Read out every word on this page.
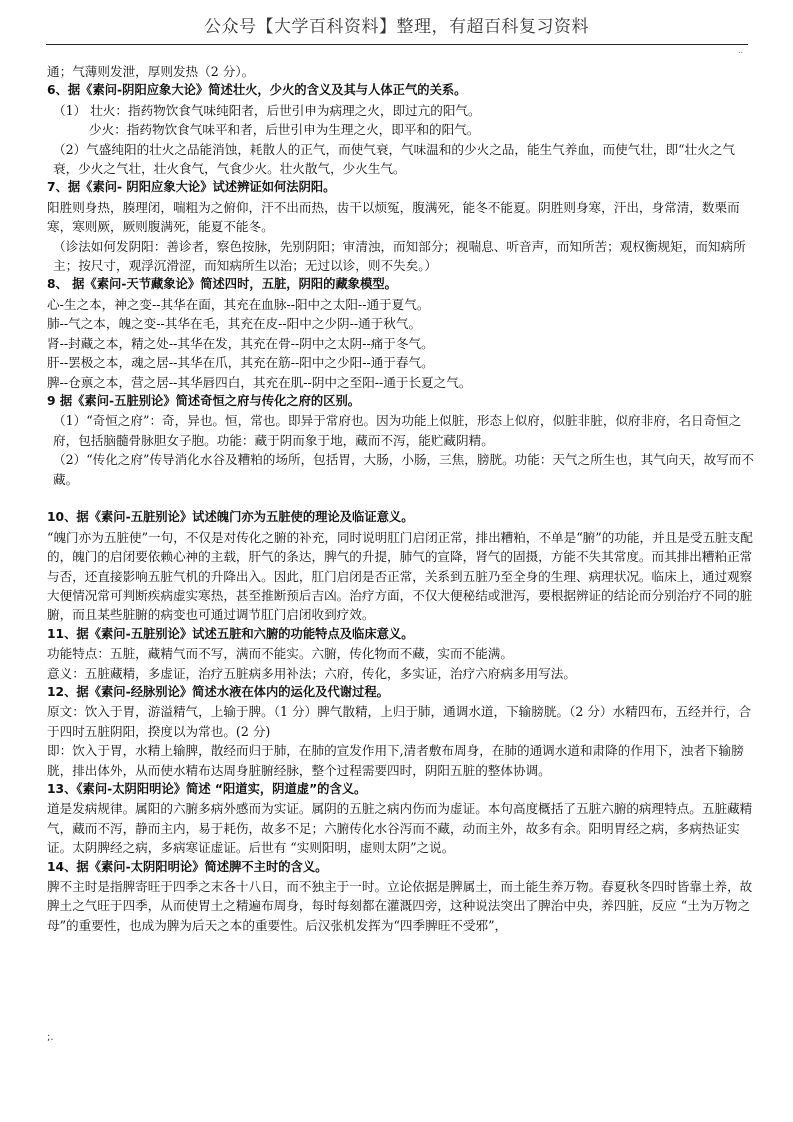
公众号【大学百科资料】整理，有超百科复习资料
..

通；气薄则发泄，厚则发热（2 分）。

6、据《素问-阴阳应象大论》简述壮火，少火的含义及其与人体正气的关系。

（1） 壮火：指药物饮食气味纯阳者，后世引申为病理之火，即过亢的阳气。

少火：指药物饮食气味平和者，后世引申为生理之火，即平和的阳气。

（2）气盛纯阳的壮火之品能消蚀，耗散人的正气，而使气衰，气味温和的少火之品，能生气养血，而使气壮，即“壮火之气衰，少火之气壮，壮火食气，气食少火。壮火散气，少火生气。

7、据《素问- 阴阳应象大论》试述辨证如何法阴阳。

阳胜则身热，腠理闭，喘粗为之俯仰，汗不出而热，齿干以烦冤，腹满死，能冬不能夏。阴胜则身寒，汗出，身常清，数栗而寒，寒则厥，厥则腹满死，能夏不能冬。

（诊法如何发阴阳：善诊者，察色按脉，先别阴阳；审清浊，而知部分；视喘息、听音声，而知所苦；观权衡规矩，而知病所主；按尺寸，观浮沉滑涩，而知病所生以治；无过以诊，则不失矣。）

8、 据《素问-天节藏象论》简述四时，五脏，阴阳的藏象模型。

心-生之本，神之变--其华在面，其充在血脉--阳中之太阳--通于夏气。

肺--气之本，魄之变--其华在毛，其充在皮--阳中之少阴--通于秋气。

肾--封藏之本，精之处--其华在发，其充在骨--阴中之太阴--痛于冬气。

肝--罢极之本，魂之居--其华在爪，其充在筋--阳中之少阳--通于春气。

脾--仓禀之本，营之居--其华唇四白，其充在肌--阴中之至阳--通于长夏之气。

9 据《素问-五脏别论》简述奇恒之府与传化之府的区别。

（1）“奇恒之府”：奇，异也。恒，常也。即异于常府也。因为功能上似脏，形态上似府，似脏非脏，似府非府，名日奇恒之府，包括脑髓骨脉胆女子胞。功能：藏于阴而象于地，藏而不泻，能贮藏阴精。

（2）“传化之府”传导消化水谷及糟粕的场所，包括胃，大肠，小肠，三焦，膀胱。功能：天气之所生也，其气向天，故写而不藏。

10、据《素问-五脏别论》试述魄门亦为五脏使的理论及临证意义。

“魄门亦为五脏使”一句，不仅是对传化之腑的补充，同时说明肛门启闭正常，排出糟粕，不单是“腑”的功能，并且是受五脏支配的，魄门的启闭要依赖心神的主载，肝气的条达，脾气的升提，肺气的宣降，肾气的固摄，方能不失其常度。而其排出糟粕正常与否，还直接影响五脏气机的升降出入。因此，肛门启闭是否正常，关系到五脏乃至全身的生理、病理状况。临床上，通过观察大便情况常可判断疾病虚实寒热，甚至推断预后吉凶。治疗方面，不仅大便秘结或泄泻，要根据辨证的结论而分别治疗不同的脏腑，而且某些脏腑的病变也可通过调节肛门启闭收到疗效。

11、据《素问-五脏别论》试述五脏和六腑的功能特点及临床意义。

功能特点：五脏，藏精气而不写，满而不能实。六腑，传化物而不藏，实而不能满。

意义：五脏藏精，多虚证，治疗五脏病多用补法；六府，传化，多实证，治疗六府病多用写法。

12、据《素问-经脉别论》简述水液在体内的运化及代谢过程。

原文：饮入于胃，游溢精气，上输于脾。（1 分）脾气散精，上归于肺，通调水道，下输膀胱。（2 分）水精四布，五经并行，合于四时五脏阴阳，揆度以为常也。(2 分)

即：饮入于胃，水精上输脾，散经而归于肺，在肺的宣发作用下,清者敷布周身，在肺的通调水道和肃降的作用下，浊者下输膀胱，排出体外，从而使水精布达周身脏腑经脉，整个过程需要四时，阴阳五脏的整体协调。

13、《素问-太阴阳明论》简述 “阳道实，阴道虚”的含义。

道是发病规律。属阳的六腑多病外感而为实证。属阴的五脏之病内伤而为虚证。本句高度概括了五脏六腑的病理特点。五脏藏精气，藏而不泻，静而主内，易于耗伤，故多不足；六腑传化水谷泻而不藏，动而主外，故多有余。阳明胃经之病，多病热证实证。太阴脾经之病，多病寒证虚证。后世有 “实则阳明，虚则太阴”之说。

14、据《素问-太阴阳明论》简述脾不主时的含义。

脾不主时是指脾寄旺于四季之末各十八日，而不独主于一时。立论依据是脾属土，而土能生养万物。春夏秋冬四时皆靠土养，故脾土之气旺于四季，从而使胃土之精遍布周身，每时每刻都在灌溉四旁，这种说法突出了脾治中央，养四脏，反应 “土为万物之母”的重要性，也成为脾为后天之本的重要性。后汉张机发挥为“四季脾旺不受邪”，

;.
